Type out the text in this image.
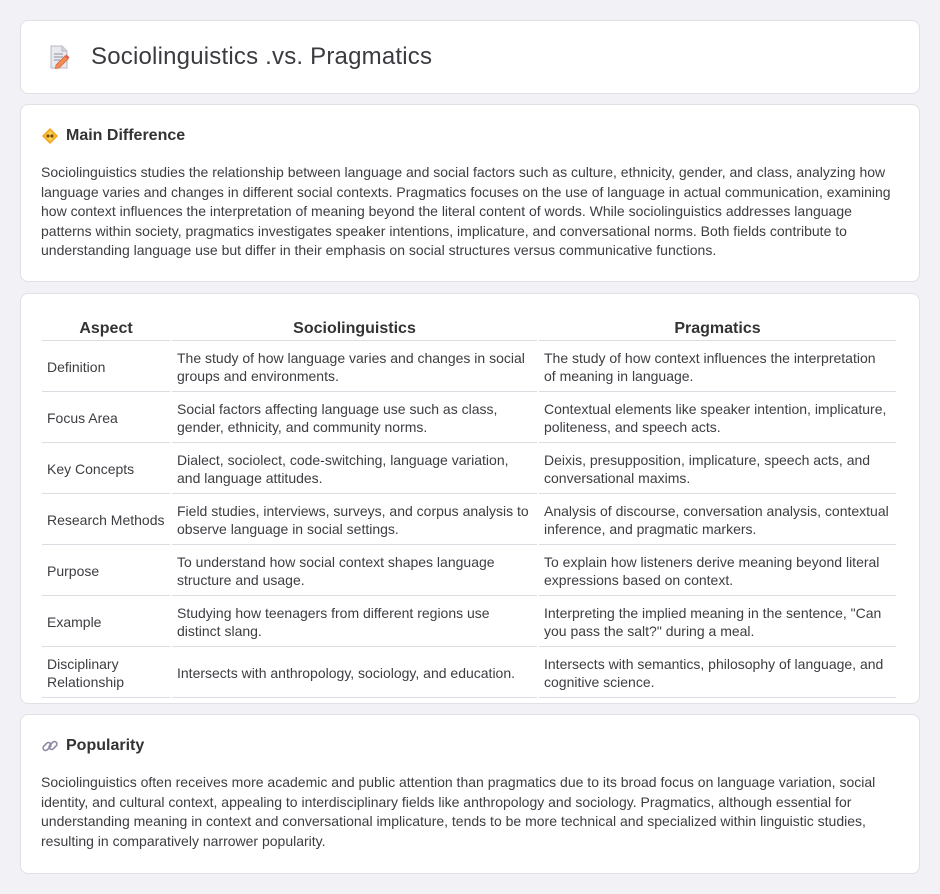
Sociolinguistics .vs. Pragmatics
Main Difference

Sociolinguistics studies the relationship between language and social factors such as culture, ethnicity, gender, and class, analyzing how language varies and changes in different social contexts. Pragmatics focuses on the use of language in actual communication, examining how context influences the interpretation of meaning beyond the literal content of words. While sociolinguistics addresses language patterns within society, pragmatics investigates speaker intentions, implicature, and conversational norms. Both fields contribute to understanding language use but differ in their emphasis on social structures versus communicative functions.

Aspect	Sociolinguistics	Pragmatics
Definition	The study of how language varies and changes in social groups and environments.	The study of how context influences the interpretation of meaning in language.
Focus Area	Social factors affecting language use such as class, gender, ethnicity, and community norms.	Contextual elements like speaker intention, implicature, politeness, and speech acts.
Key Concepts	Dialect, sociolect, code-switching, language variation, and language attitudes.	Deixis, presupposition, implicature, speech acts, and conversational maxims.
Research Methods	Field studies, interviews, surveys, and corpus analysis to observe language in social settings.	Analysis of discourse, conversation analysis, contextual inference, and pragmatic markers.
Purpose	To understand how social context shapes language structure and usage.	To explain how listeners derive meaning beyond literal expressions based on context.
Example	Studying how teenagers from different regions use distinct slang.	Interpreting the implied meaning in the sentence, "Can you pass the salt?" during a meal.
Disciplinary Relationship	Intersects with anthropology, sociology, and education.	Intersects with semantics, philosophy of language, and cognitive science.
Popularity

Sociolinguistics often receives more academic and public attention than pragmatics due to its broad focus on language variation, social identity, and cultural context, appealing to interdisciplinary fields like anthropology and sociology. Pragmatics, although essential for understanding meaning in context and conversational implicature, tends to be more technical and specialized within linguistic studies, resulting in comparatively narrower popularity.
